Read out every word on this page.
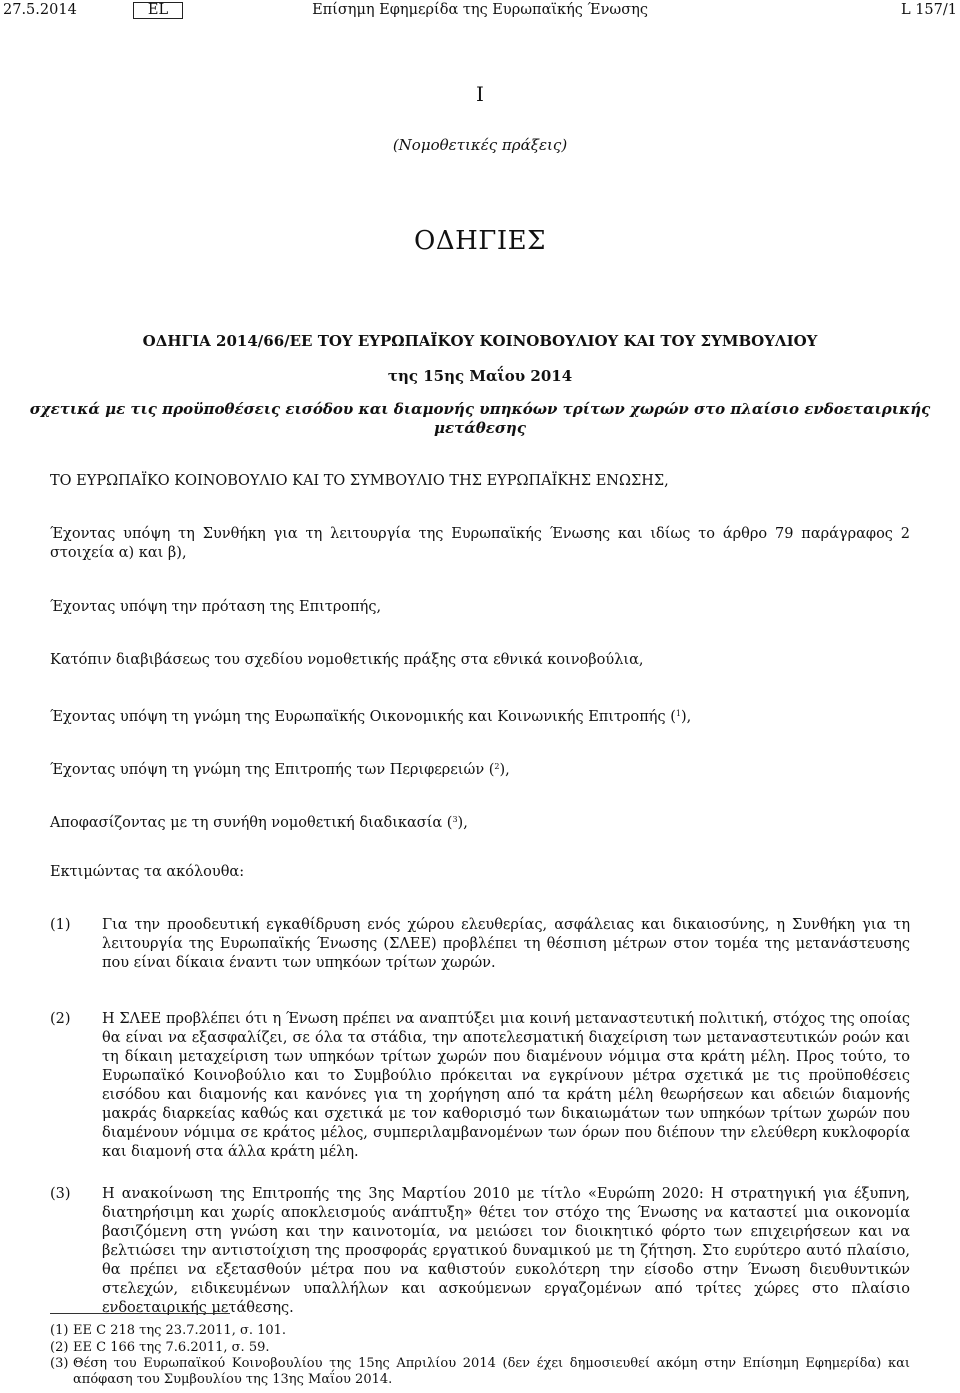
Επίσημη Εφημερίδα της Ευρωπαϊκής Ένωσης
27.5.2014	EL	L 157/1
I
(Νομοθετικές πράξεις)
ΟΔΗΓΙΕΣ
ΟΔΗΓΙΑ 2014/66/ΕΕ ΤΟΥ ΕΥΡΩΠΑΪΚΟΥ ΚΟΙΝΟΒΟΥΛΙΟΥ ΚΑΙ ΤΟΥ ΣΥΜΒΟΥΛΙΟΥ
της 15ης Μαΐου 2014
σχετικά με τις προϋποθέσεις εισόδου και διαμονής υπηκόων τρίτων χωρών στο πλαίσιο ενδοεταιρικής
μετάθεσης
ΤΟ ΕΥΡΩΠΑΪΚΟ ΚΟΙΝΟΒΟΥΛΙΟ ΚΑΙ ΤΟ ΣΥΜΒΟΥΛΙΟ ΤΗΣ ΕΥΡΩΠΑΪΚΗΣ ΕΝΩΣΗΣ,
Έχοντας υπόψη τη Συνθήκη για τη λειτουργία της Ευρωπαϊκής Ένωσης και ιδίως το άρθρο 79 παράγραφος 2 στοιχεία α) και β),
Έχοντας υπόψη την πρόταση της Επιτροπής,
Κατόπιν διαβιβάσεως του σχεδίου νομοθετικής πράξης στα εθνικά κοινοβούλια,
Έχοντας υπόψη τη γνώμη της Ευρωπαϊκής Οικονομικής και Κοινωνικής Επιτροπής ($^1$),
Έχοντας υπόψη τη γνώμη της Επιτροπής των Περιφερειών ($^2$),
Αποφασίζοντας με τη συνήθη νομοθετική διαδικασία ($^3$),
Εκτιμώντας τα ακόλουθα:
(1) Για την προοδευτική εγκαθίδρυση ενός χώρου ελευθερίας, ασφάλειας και δικαιοσύνης, η Συνθήκη για τη λειτουργία της Ευρωπαϊκής Ένωσης (ΣΛΕΕ) προβλέπει τη θέσπιση μέτρων στον τομέα της μετανάστευσης που είναι δίκαια έναντι των υπηκόων τρίτων χωρών.
(2) Η ΣΛΕΕ προβλέπει ότι η Ένωση πρέπει να αναπτύξει μια κοινή μεταναστευτική πολιτική, στόχος της οποίας θα είναι να εξασφαλίζει, σε όλα τα στάδια, την αποτελεσματική διαχείριση των μεταναστευτικών ροών και τη δίκαιη μεταχείριση των υπηκόων τρίτων χωρών που διαμένουν νόμιμα στα κράτη μέλη. Προς τούτο, το Ευρωπαϊκό Κοινοβούλιο και το Συμβούλιο πρόκειται να εγκρίνουν μέτρα σχετικά με τις προϋποθέσεις εισόδου και διαμονής και κανόνες για τη χορήγηση από τα κράτη μέλη θεωρήσεων και αδειών διαμονής μακράς διαρκείας καθώς και σχετικά με τον καθορισμό των δικαιωμάτων των υπηκόων τρίτων χωρών που διαμένουν νόμιμα σε κράτος μέλος, συμπεριλαμβανομένων των όρων που διέπουν την ελεύθερη κυκλοφορία και διαμονή στα άλλα κράτη μέλη.
(3) Η ανακοίνωση της Επιτροπής της 3ης Μαρτίου 2010 με τίτλο «Ευρώπη 2020: Η στρατηγική για έξυπνη, διατηρήσιμη και χωρίς αποκλεισμούς ανάπτυξη» θέτει τον στόχο της Ένωσης να καταστεί μια οικονομία βασιζόμενη στη γνώση και την καινοτομία, να μειώσει τον διοικητικό φόρτο των επιχειρήσεων και να βελτιώσει την αντιστοίχιση της προσφοράς εργατικού δυναμικού με τη ζήτηση. Στο ευρύτερο αυτό πλαίσιο, θα πρέπει να εξετασθούν μέτρα που να καθιστούν ευκολότερη την είσοδο στην Ένωση διευθυντικών στελεχών, ειδικευμένων υπαλλήλων και ασκούμενων εργαζομένων από τρίτες χώρες στο πλαίσιο ενδοεταιρικής μετάθεσης.
(1) ΕΕ C 218 της 23.7.2011, σ. 101.
(2) ΕΕ C 166 της 7.6.2011, σ. 59.
(3) Θέση του Ευρωπαϊκού Κοινοβουλίου της 15ης Απριλίου 2014 (δεν έχει δημοσιευθεί ακόμη στην Επίσημη Εφημερίδα) και απόφαση του Συμβουλίου της 13ης Μαΐου 2014.
